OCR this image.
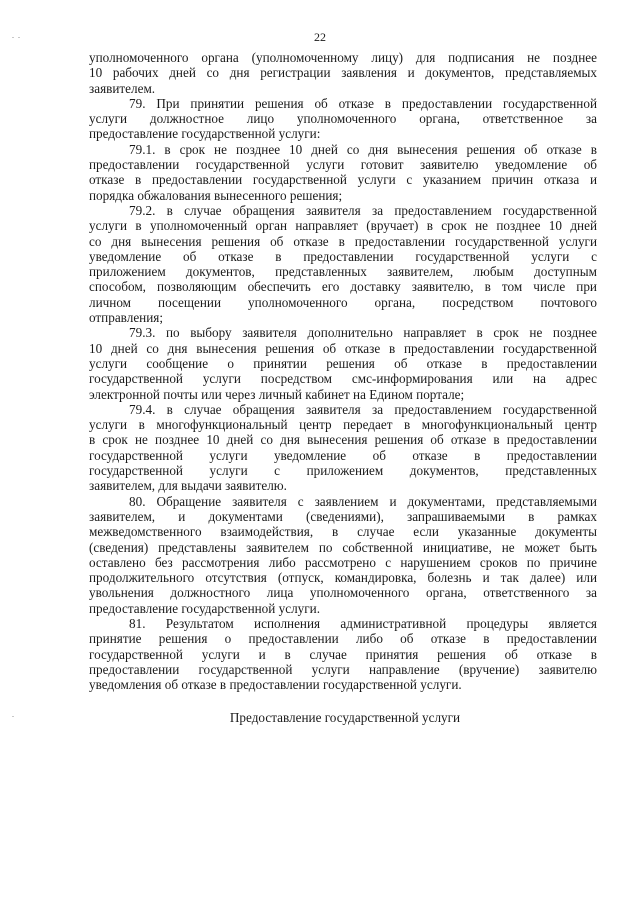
22
уполномоченного органа (уполномоченному лицу) для подписания не позднее
10 рабочих дней со дня регистрации заявления и документов, представляемых
заявителем.
79. При принятии решения об отказе в предоставлении государственной
услуги должностное лицо уполномоченного органа, ответственное за
предоставление государственной услуги:
79.1. в срок не позднее 10 дней со дня вынесения решения об отказе в
предоставлении государственной услуги готовит заявителю уведомление об
отказе в предоставлении государственной услуги с указанием причин отказа и
порядка обжалования вынесенного решения;
79.2. в случае обращения заявителя за предоставлением государственной
услуги в уполномоченный орган направляет (вручает) в срок не позднее 10 дней
со дня вынесения решения об отказе в предоставлении государственной услуги
уведомление об отказе в предоставлении государственной услуги с
приложением документов, представленных заявителем, любым доступным
способом, позволяющим обеспечить его доставку заявителю, в том числе при
личном посещении уполномоченного органа, посредством почтового
отправления;
79.3. по выбору заявителя дополнительно направляет в срок не позднее
10 дней со дня вынесения решения об отказе в предоставлении государственной
услуги сообщение о принятии решения об отказе в предоставлении
государственной услуги посредством смс-информирования или на адрес
электронной почты или через личный кабинет на Едином портале;
79.4. в случае обращения заявителя за предоставлением государственной
услуги в многофункциональный центр передает в многофункциональный центр
в срок не позднее 10 дней со дня вынесения решения об отказе в предоставлении
государственной услуги уведомление об отказе в предоставлении
государственной услуги с приложением документов, представленных
заявителем, для выдачи заявителю.
80. Обращение заявителя с заявлением и документами, представляемыми
заявителем, и документами (сведениями), запрашиваемыми в рамках
межведомственного взаимодействия, в случае если указанные документы
(сведения) представлены заявителем по собственной инициативе, не может быть
оставлено без рассмотрения либо рассмотрено с нарушением сроков по причине
продолжительного отсутствия (отпуск, командировка, болезнь и так далее) или
увольнения должностного лица уполномоченного органа, ответственного за
предоставление государственной услуги.
81. Результатом исполнения административной процедуры является
принятие решения о предоставлении либо об отказе в предоставлении
государственной услуги и в случае принятия решения об отказе в
предоставлении государственной услуги направление (вручение) заявителю
уведомления об отказе в предоставлении государственной услуги.
Предоставление государственной услуги
